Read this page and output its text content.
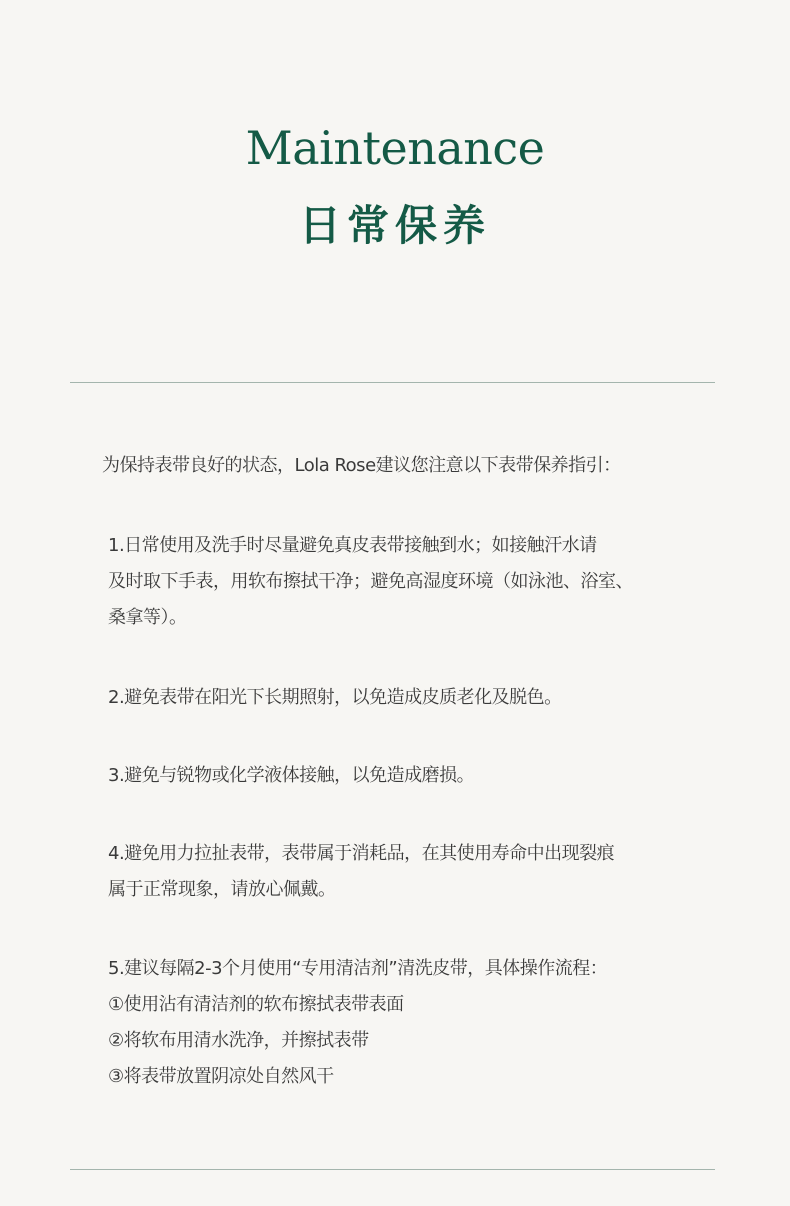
Maintenance
日常保养
为保持表带良好的状态，Lola Rose建议您注意以下表带保养指引：
1.日常使用及洗手时尽量避免真皮表带接触到水；如接触汗水请
及时取下手表，用软布擦拭干净；避免高湿度环境（如泳池、浴室、
桑拿等）。
2.避免表带在阳光下长期照射，以免造成皮质老化及脱色。
3.避免与锐物或化学液体接触，以免造成磨损。
4.避免用力拉扯表带，表带属于消耗品，在其使用寿命中出现裂痕
属于正常现象，请放心佩戴。
5.建议每隔2-3个月使用“专用清洁剂”清洗皮带，具体操作流程：
①使用沾有清洁剂的软布擦拭表带表面
②将软布用清水洗净，并擦拭表带
③将表带放置阴凉处自然风干
